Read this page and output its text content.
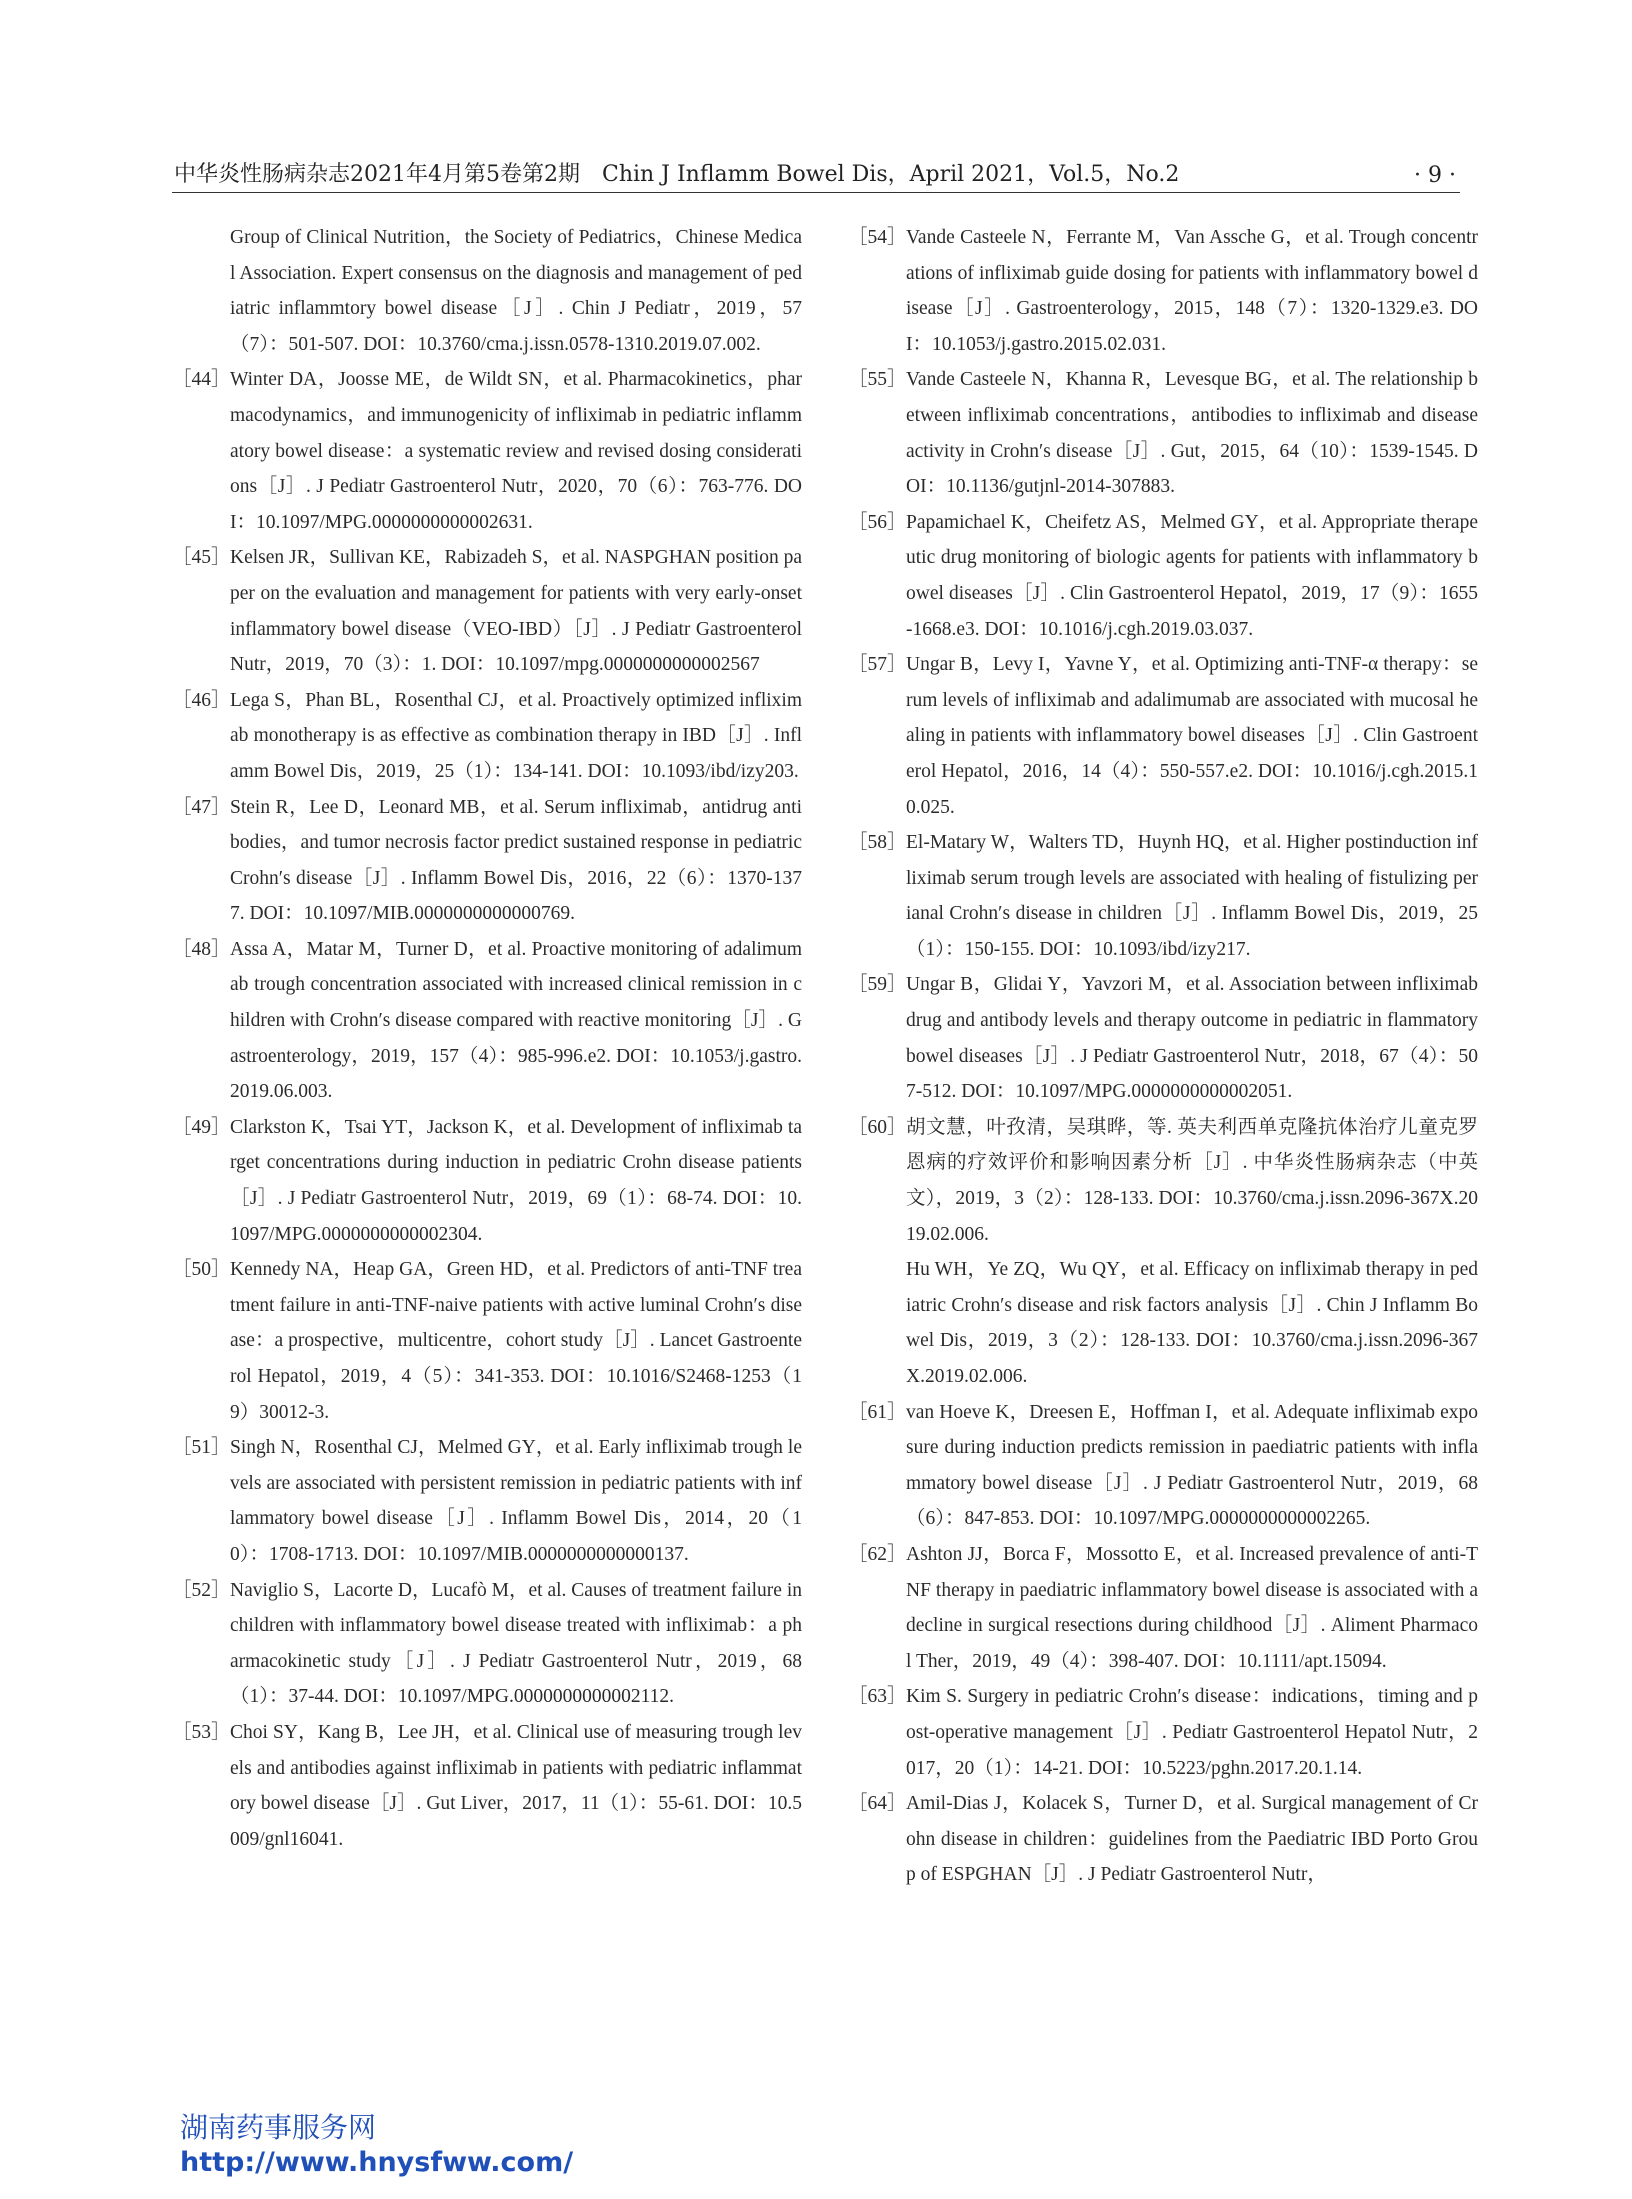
中华炎性肠病杂志2021年4月第5卷第2期　Chin J Inflamm Bowel Dis，April 2021，Vol.5，No.2	· 9 ·
Group of Clinical Nutrition，the Society of Pediatrics，Chinese Medical Association. Expert consensus on the diagnosis and management of pediatric inflammtory bowel disease［J］. Chin J Pediatr，2019，57（7）：501-507. DOI：10.3760/cma.j.issn.0578-1310.2019.07.002.
［44］ Winter DA，Joosse ME，de Wildt SN，et al. Pharmacokinetics，pharmacodynamics，and immunogenicity of infliximab in pediatric inflammatory bowel disease：a systematic review and revised dosing considerations［J］. J Pediatr Gastroenterol Nutr，2020，70（6）：763-776. DOI：10.1097/MPG.0000000000002631.
［45］ Kelsen JR，Sullivan KE，Rabizadeh S，et al. NASPGHAN position paper on the evaluation and management for patients with very early-onset inflammatory bowel disease（VEO-IBD）［J］. J Pediatr Gastroenterol Nutr，2019，70（3）：1. DOI：10.1097/mpg.0000000000002567
［46］ Lega S，Phan BL，Rosenthal CJ，et al. Proactively optimized infliximab monotherapy is as effective as combination therapy in IBD［J］. Inflamm Bowel Dis，2019，25（1）：134-141. DOI：10.1093/ibd/izy203.
［47］ Stein R，Lee D，Leonard MB，et al. Serum infliximab，antidrug antibodies，and tumor necrosis factor predict sustained response in pediatric Crohn′s disease［J］. Inflamm Bowel Dis，2016，22（6）：1370-1377. DOI：10.1097/MIB.0000000000000769.
［48］ Assa A，Matar M，Turner D，et al. Proactive monitoring of adalimumab trough concentration associated with increased clinical remission in children with Crohn′s disease compared with reactive monitoring［J］. Gastroenterology，2019，157（4）：985-996.e2. DOI：10.1053/j.gastro.2019.06.003.
［49］ Clarkston K，Tsai YT，Jackson K，et al. Development of infliximab target concentrations during induction in pediatric Crohn disease patients［J］. J Pediatr Gastroenterol Nutr，2019，69（1）：68-74. DOI：10.1097/MPG.0000000000002304.
［50］ Kennedy NA，Heap GA，Green HD，et al. Predictors of anti-TNF treatment failure in anti-TNF-naive patients with active luminal Crohn′s disease：a prospective，multicentre，cohort study［J］. Lancet Gastroenterol Hepatol，2019，4（5）：341-353. DOI：10.1016/S2468-1253（19）30012-3.
［51］ Singh N，Rosenthal CJ，Melmed GY，et al. Early infliximab trough levels are associated with persistent remission in pediatric patients with inflammatory bowel disease［J］. Inflamm Bowel Dis，2014，20（10）：1708-1713. DOI：10.1097/MIB.0000000000000137.
［52］ Naviglio S，Lacorte D，Lucafò M，et al. Causes of treatment failure in children with inflammatory bowel disease treated with infliximab：a pharmacokinetic study［J］. J Pediatr Gastroenterol Nutr，2019，68（1）：37-44. DOI：10.1097/MPG.0000000000002112.
［53］ Choi SY，Kang B，Lee JH，et al. Clinical use of measuring trough levels and antibodies against infliximab in patients with pediatric inflammatory bowel disease［J］. Gut Liver，2017，11（1）：55-61. DOI：10.5009/gnl16041.
［54］ Vande Casteele N，Ferrante M，Van Assche G，et al. Trough concentrations of infliximab guide dosing for patients with inflammatory bowel disease［J］. Gastroenterology，2015，148（7）：1320-1329.e3. DOI：10.1053/j.gastro.2015.02.031.
［55］ Vande Casteele N，Khanna R，Levesque BG，et al. The relationship between infliximab concentrations，antibodies to infliximab and disease activity in Crohn′s disease［J］. Gut，2015，64（10）：1539-1545. DOI：10.1136/gutjnl-2014-307883.
［56］ Papamichael K，Cheifetz AS，Melmed GY，et al. Appropriate therapeutic drug monitoring of biologic agents for patients with inflammatory bowel diseases［J］. Clin Gastroenterol Hepatol，2019，17（9）：1655-1668.e3. DOI：10.1016/j.cgh.2019.03.037.
［57］ Ungar B，Levy I，Yavne Y，et al. Optimizing anti-TNF-α therapy：serum levels of infliximab and adalimumab are associated with mucosal healing in patients with inflammatory bowel diseases［J］. Clin Gastroenterol Hepatol，2016，14（4）：550-557.e2. DOI：10.1016/j.cgh.2015.10.025.
［58］ El-Matary W，Walters TD，Huynh HQ，et al. Higher postinduction infliximab serum trough levels are associated with healing of fistulizing perianal Crohn′s disease in children［J］. Inflamm Bowel Dis，2019，25（1）：150-155. DOI：10.1093/ibd/izy217.
［59］ Ungar B，Glidai Y，Yavzori M，et al. Association between infliximab drug and antibody levels and therapy outcome in pediatric in flammatory bowel diseases［J］. J Pediatr Gastroenterol Nutr，2018，67（4）：507-512. DOI：10.1097/MPG.0000000000002051.
［60］ 胡文慧，叶孜清，吴琪晔，等. 英夫利西单克隆抗体治疗儿童克罗恩病的疗效评价和影响因素分析［J］. 中华炎性肠病杂志（中英文），2019，3（2）：128-133. DOI：10.3760/cma.j.issn.2096-367X.2019.02.006.
Hu WH，Ye ZQ，Wu QY，et al. Efficacy on infliximab therapy in pediatric Crohn′s disease and risk factors analysis［J］. Chin J Inflamm Bowel Dis，2019，3（2）：128-133. DOI：10.3760/cma.j.issn.2096-367X.2019.02.006.
［61］ van Hoeve K，Dreesen E，Hoffman I，et al. Adequate infliximab exposure during induction predicts remission in paediatric patients with inflammatory bowel disease［J］. J Pediatr Gastroenterol Nutr，2019，68（6）：847-853. DOI：10.1097/MPG.0000000000002265.
［62］ Ashton JJ，Borca F，Mossotto E，et al. Increased prevalence of anti-TNF therapy in paediatric inflammatory bowel disease is associated with a decline in surgical resections during childhood［J］. Aliment Pharmacol Ther，2019，49（4）：398-407. DOI：10.1111/apt.15094.
［63］ Kim S. Surgery in pediatric Crohn′s disease：indications，timing and post-operative management［J］. Pediatr Gastroenterol Hepatol Nutr，2017，20（1）：14-21. DOI：10.5223/pghn.2017.20.1.14.
［64］ Amil-Dias J，Kolacek S，Turner D，et al. Surgical management of Crohn disease in children：guidelines from the Paediatric IBD Porto Group of ESPGHAN［J］. J Pediatr Gastroenterol Nutr，
湖南药事服务网
http://www.hnysfww.com/
